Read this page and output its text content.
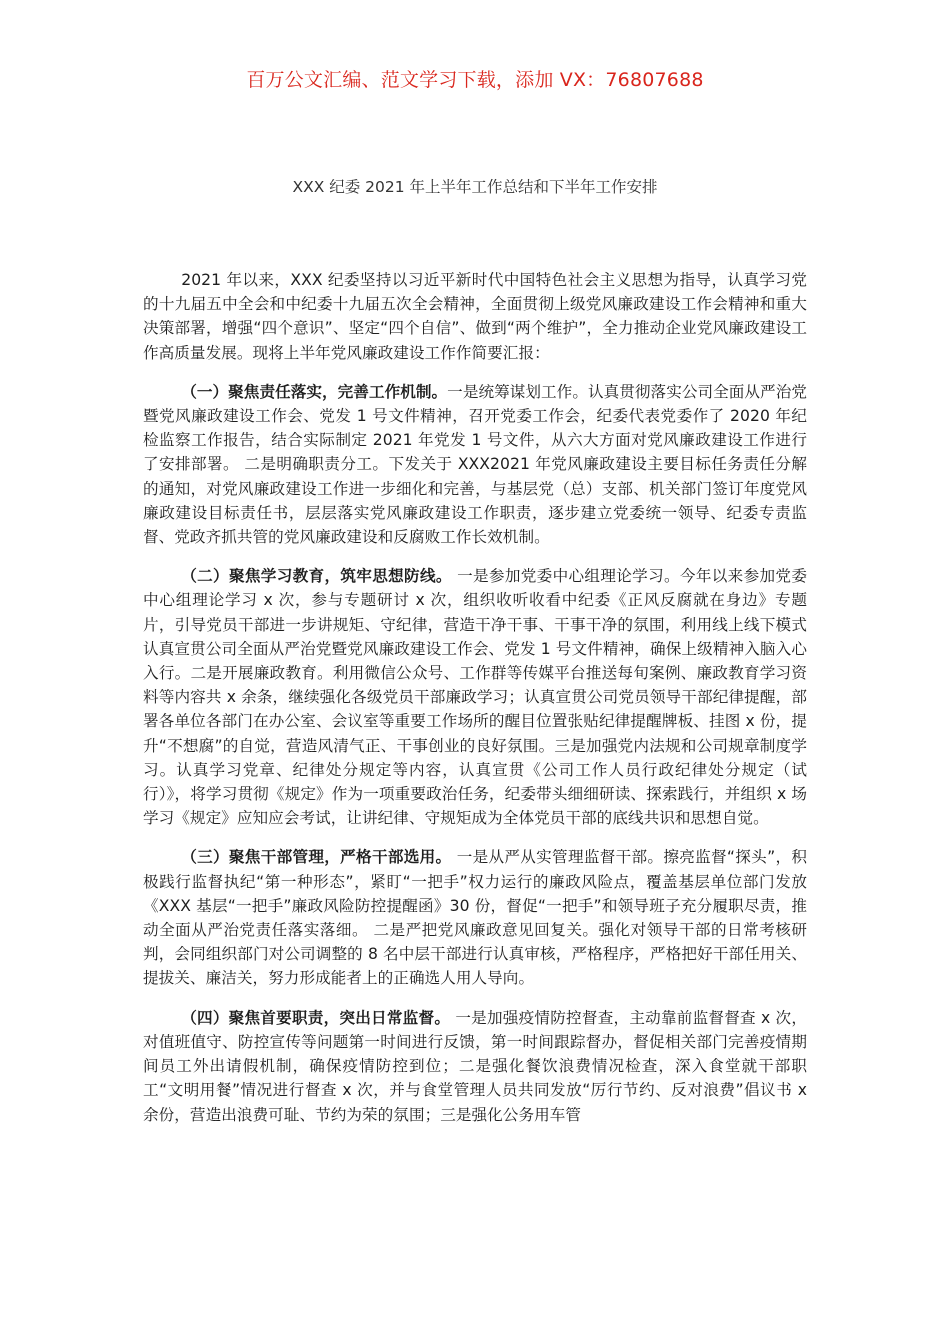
百万公文汇编、范文学习下载，添加 VX：76807688
XXX 纪委 2021 年上半年工作总结和下半年工作安排

2021 年以来，XXX 纪委坚持以习近平新时代中国特色社会主义思想为指导，认真学习党的十九届五中全会和中纪委十九届五次全会精神，全面贯彻上级党风廉政建设工作会精神和重大决策部署，增强“四个意识”、坚定“四个自信”、做到“两个维护”，全力推动企业党风廉政建设工作高质量发展。现将上半年党风廉政建设工作作简要汇报：

（一）聚焦责任落实，完善工作机制。一是统筹谋划工作。认真贯彻落实公司全面从严治党暨党风廉政建设工作会、党发 1 号文件精神，召开党委工作会，纪委代表党委作了 2020 年纪检监察工作报告，结合实际制定 2021 年党发 1 号文件，从六大方面对党风廉政建设工作进行了安排部署。 二是明确职责分工。下发关于 XXX2021 年党风廉政建设主要目标任务责任分解的通知，对党风廉政建设工作进一步细化和完善，与基层党（总）支部、机关部门签订年度党风廉政建设目标责任书，层层落实党风廉政建设工作职责，逐步建立党委统一领导、纪委专责监督、党政齐抓共管的党风廉政建设和反腐败工作长效机制。

（二）聚焦学习教育，筑牢思想防线。 一是参加党委中心组理论学习。今年以来参加党委中心组理论学习 x 次，参与专题研讨 x 次，组织收听收看中纪委《正风反腐就在身边》专题片，引导党员干部进一步讲规矩、守纪律，营造干净干事、干事干净的氛围，利用线上线下模式认真宣贯公司全面从严治党暨党风廉政建设工作会、党发 1 号文件精神，确保上级精神入脑入心入行。二是开展廉政教育。利用微信公众号、工作群等传媒平台推送每旬案例、廉政教育学习资料等内容共 x 余条，继续强化各级党员干部廉政学习；认真宣贯公司党员领导干部纪律提醒，部署各单位各部门在办公室、会议室等重要工作场所的醒目位置张贴纪律提醒牌板、挂图 x 份，提升“不想腐”的自觉，营造风清气正、干事创业的良好氛围。三是加强党内法规和公司规章制度学习。认真学习党章、纪律处分规定等内容，认真宣贯《公司工作人员行政纪律处分规定（试行）》，将学习贯彻《规定》作为一项重要政治任务，纪委带头细细研读、探索践行，并组织 x 场学习《规定》应知应会考试，让讲纪律、守规矩成为全体党员干部的底线共识和思想自觉。

（三）聚焦干部管理，严格干部选用。 一是从严从实管理监督干部。擦亮监督“探头”，积极践行监督执纪“第一种形态”，紧盯“一把手”权力运行的廉政风险点，覆盖基层单位部门发放《XXX 基层“一把手”廉政风险防控提醒函》30 份，督促“一把手”和领导班子充分履职尽责，推动全面从严治党责任落实落细。 二是严把党风廉政意见回复关。强化对领导干部的日常考核研判，会同组织部门对公司调整的 8 名中层干部进行认真审核，严格程序，严格把好干部任用关、提拔关、廉洁关，努力形成能者上的正确选人用人导向。

（四）聚焦首要职责，突出日常监督。 一是加强疫情防控督查，主动靠前监督督查 x 次，对值班值守、防控宣传等问题第一时间进行反馈，第一时间跟踪督办，督促相关部门完善疫情期间员工外出请假机制，确保疫情防控到位；二是强化餐饮浪费情况检查，深入食堂就干部职工“文明用餐”情况进行督查 x 次，并与食堂管理人员共同发放“厉行节约、反对浪费”倡议书 x 余份，营造出浪费可耻、节约为荣的氛围；三是强化公务用车管
